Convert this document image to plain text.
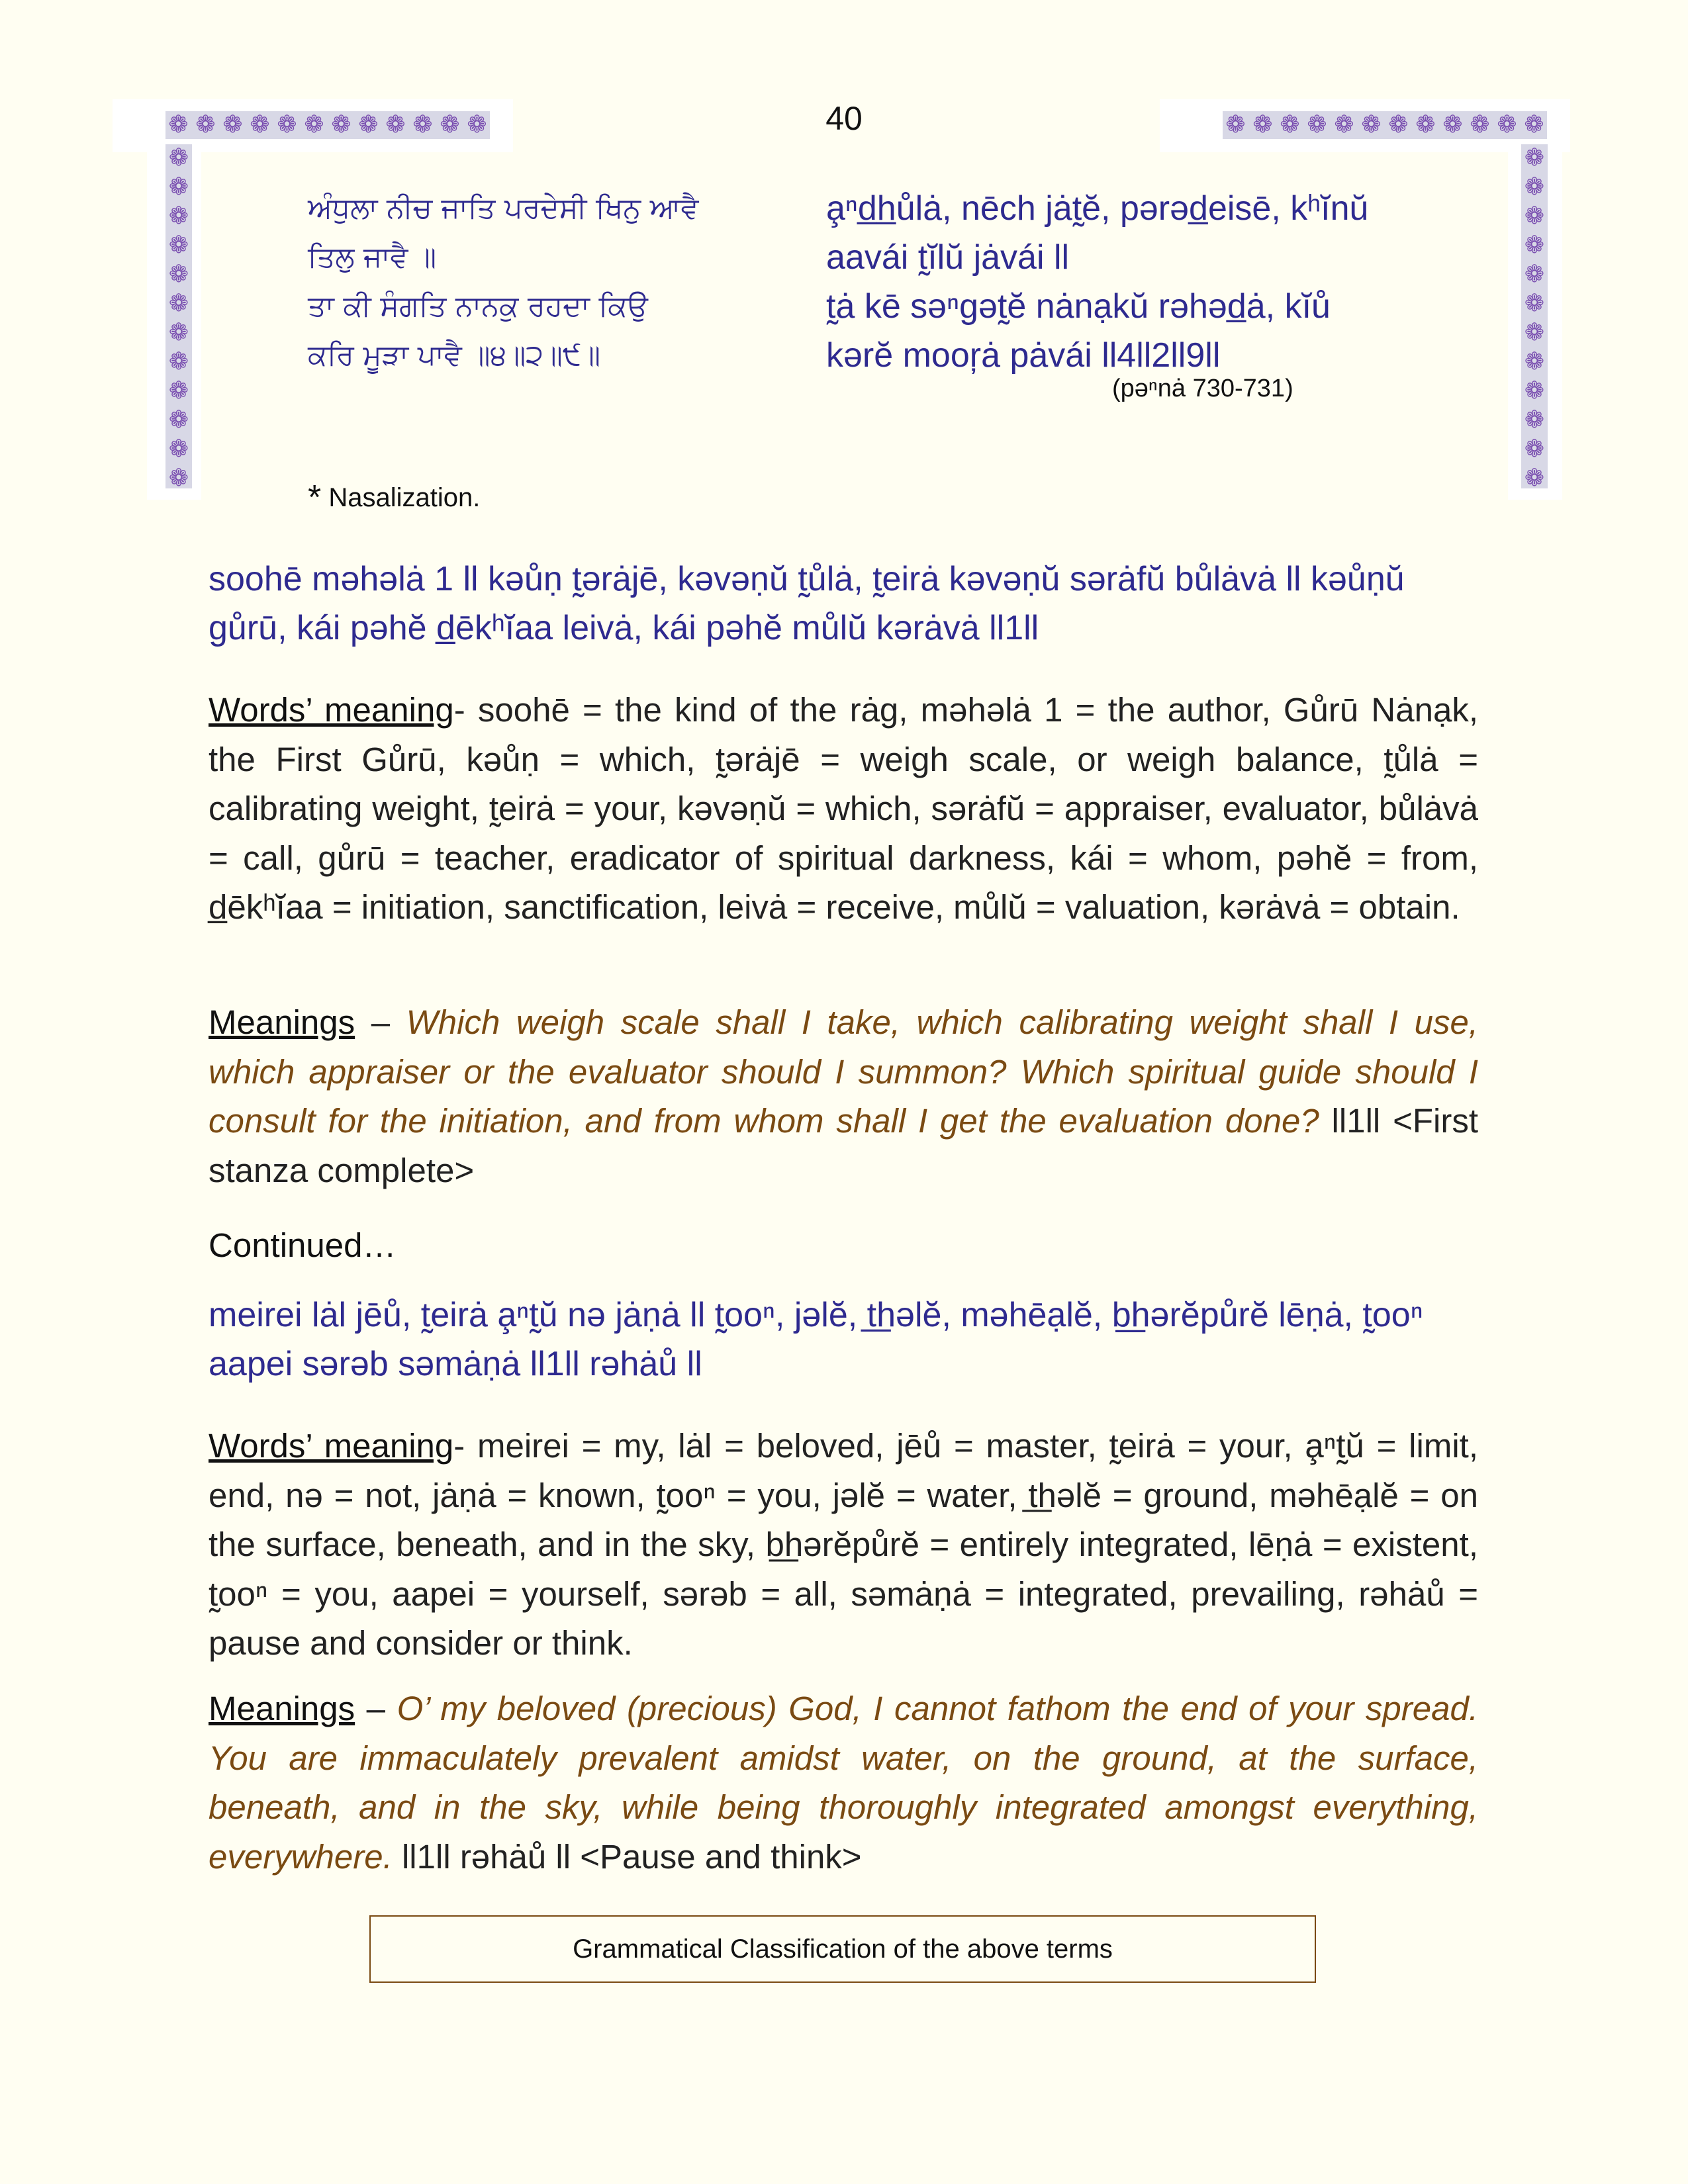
❁ ❁ ❁ ❁ ❁ ❁ ❁ ❁ ❁ ❁ ❁ ❁
❁
❁
❁
❁
❁
❁
❁
❁
❁
❁
❁
❁
❁ ❁ ❁ ❁ ❁ ❁ ❁ ❁ ❁ ❁ ❁ ❁
❁
❁
❁
❁
❁
❁
❁
❁
❁
❁
❁
❁
40
ਅੰਧੁਲਾ ਨੀਚ ਜਾਤਿ ਪਰਦੇਸੀ ਖਿਨੁ ਆਵੈ
ਤਿਲੁ ਜਾਵੈ ॥
ਤਾ ਕੀ ਸੰਗਤਿ ਨਾਨਕੁ ਰਹਦਾ ਕਿਉ
ਕਰਿ ਮੂੜਾ ਪਾਵੈ ॥੪॥੨॥੯॥
a̧ⁿd̲h̲ůlȧ, nēch jȧt̰ĕ, pərəd̲eisē, kʰĭnŭ
aavái t̰ĭlŭ jȧvái ll
t̰ȧ kē səⁿgət̰ĕ nȧnạkŭ rəhəd̲ȧ, kĭů
kərĕ mooŗȧ pȧvái ll4ll2ll9ll
(pəⁿnȧ 730-731)
* Nasalization.
soohē məhəlȧ 1 ll kəůṇ t̰ərȧjē, kəvəṇŭ t̰ůlȧ, t̰eirȧ kəvəṇŭ sərȧfŭ bůlȧvȧ ll kəůṇŭ gůrū, kái pəhĕ d̲ēkʰĭaa leivȧ, kái pəhĕ můlŭ kərȧvȧ ll1ll
Words’ meaning- soohē = the kind of the rȧg, məhəlȧ 1 = the author, Gůrū Nȧnạk, the First Gůrū, kəůṇ = which, t̰ərȧjē = weigh scale, or weigh balance, t̰ůlȧ = calibrating weight, t̰eirȧ = your, kəvəṇŭ = which, sərȧfŭ = appraiser, evaluator, bůlȧvȧ = call, gůrū = teacher, eradicator of spiritual darkness, kái = whom, pəhĕ = from, d̲ēkʰĭaa = initiation, sanctification, leivȧ = receive, můlŭ = valuation, kərȧvȧ = obtain.
Meanings – Which weigh scale shall I take, which calibrating weight shall I use, which appraiser or the evaluator should I summon? Which spiritual guide should I consult for the initiation, and from whom shall I get the evaluation done? ll1ll <First stanza complete>
Continued…
meirei lȧl jēů, t̰eirȧ a̧ⁿt̰ŭ nə jȧṇȧ ll t̰ooⁿ, jəlĕ, t͟həlĕ, məhēạlĕ, b͟hərĕpůrĕ lēṇȧ, t̰ooⁿ aapei sərəb səmȧṇȧ ll1ll rəhȧů ll
Words’ meaning- meirei = my, lȧl = beloved, jēů = master, t̰eirȧ = your, a̧ⁿt̰ŭ = limit, end, nə = not, jȧṇȧ = known, t̰ooⁿ = you, jəlĕ = water, t͟həlĕ = ground, məhēạlĕ = on the surface, beneath, and in the sky, b͟hərĕpůrĕ = entirely integrated, lēṇȧ = existent, t̰ooⁿ = you, aapei = yourself, sərəb = all, səmȧṇȧ = integrated, prevailing, rəhȧů = pause and consider or think.
Meanings – O’ my beloved (precious) God, I cannot fathom the end of your spread. You are immaculately prevalent amidst water, on the ground, at the surface, beneath, and in the sky, while being thoroughly integrated amongst everything, everywhere. ll1ll rəhȧů ll <Pause and think>
Grammatical Classification of the above terms
